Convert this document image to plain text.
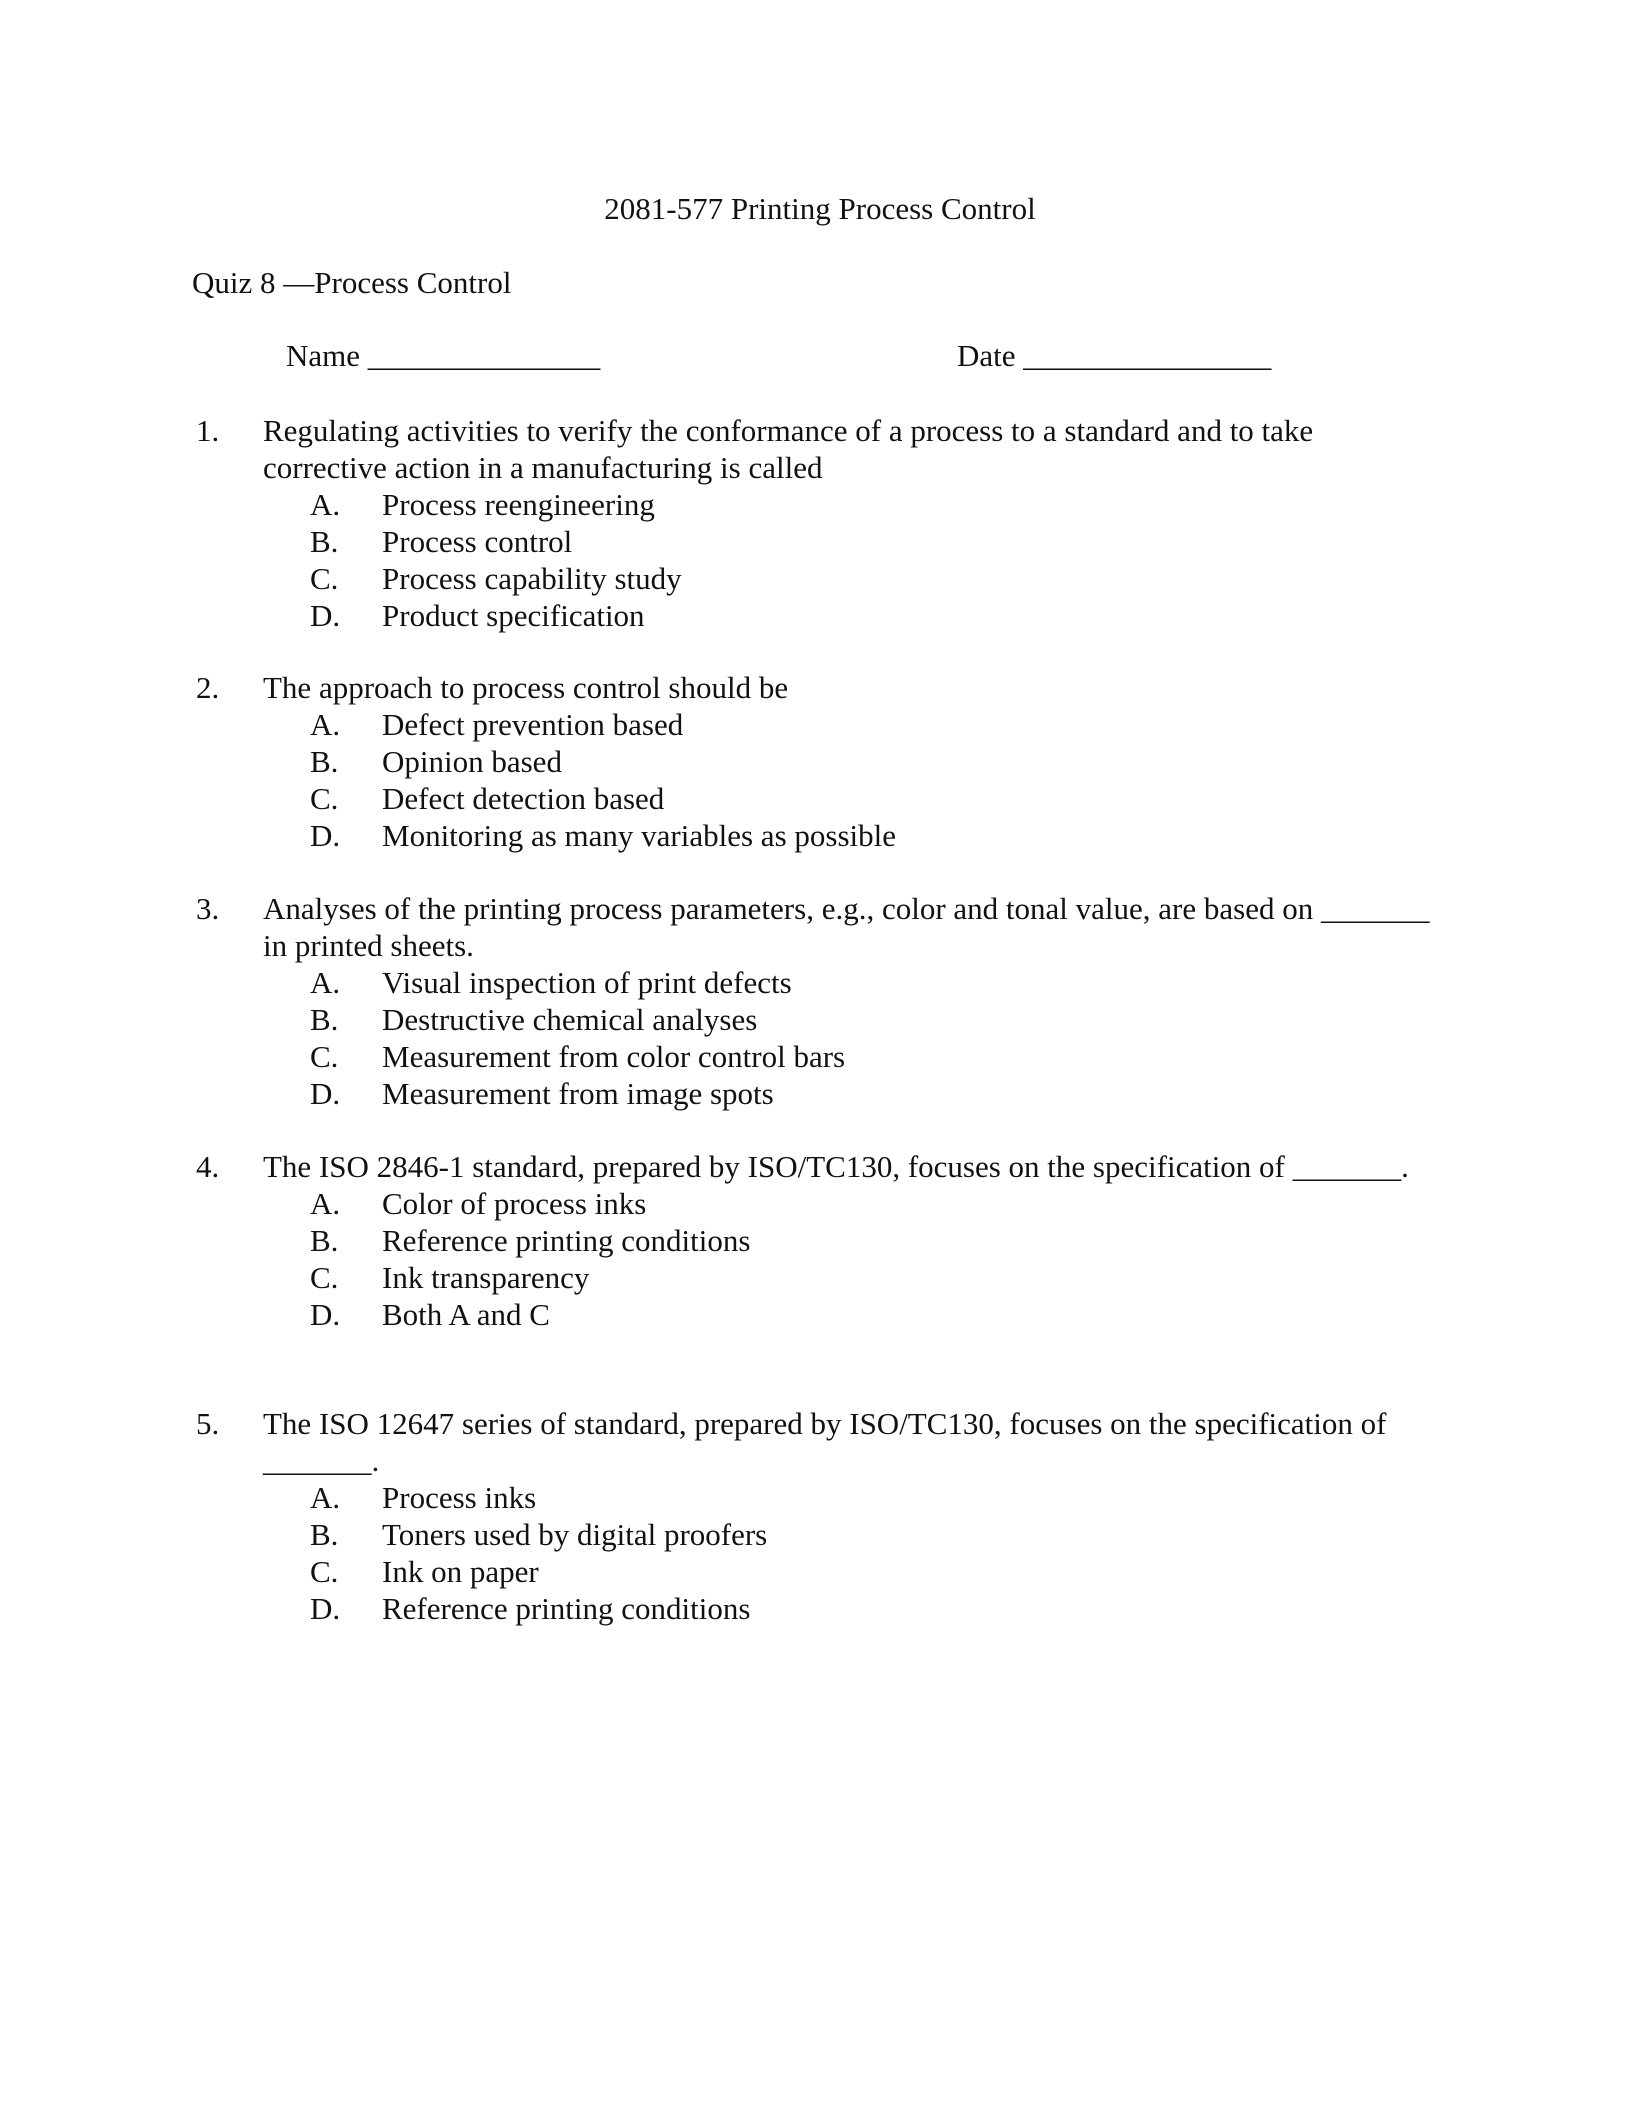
2081-577 Printing Process Control
Quiz 8 —Process Control
Name _______________	Date ________________
1. Regulating activities to verify the conformance of a process to a standard and to take corrective action in a manufacturing is called
A. Process reengineering
B. Process control
C. Process capability study
D. Product specification
2. The approach to process control should be
A. Defect prevention based
B. Opinion based
C. Defect detection based
D. Monitoring as many variables as possible
3. Analyses of the printing process parameters, e.g., color and tonal value, are based on _______ in printed sheets.
A. Visual inspection of print defects
B. Destructive chemical analyses
C. Measurement from color control bars
D. Measurement from image spots
4. The ISO 2846-1 standard, prepared by ISO/TC130, focuses on the specification of _______.
A. Color of process inks
B. Reference printing conditions
C. Ink transparency
D. Both A and C
5. The ISO 12647 series of standard, prepared by ISO/TC130, focuses on the specification of _______.
A. Process inks
B. Toners used by digital proofers
C. Ink on paper
D. Reference printing conditions
